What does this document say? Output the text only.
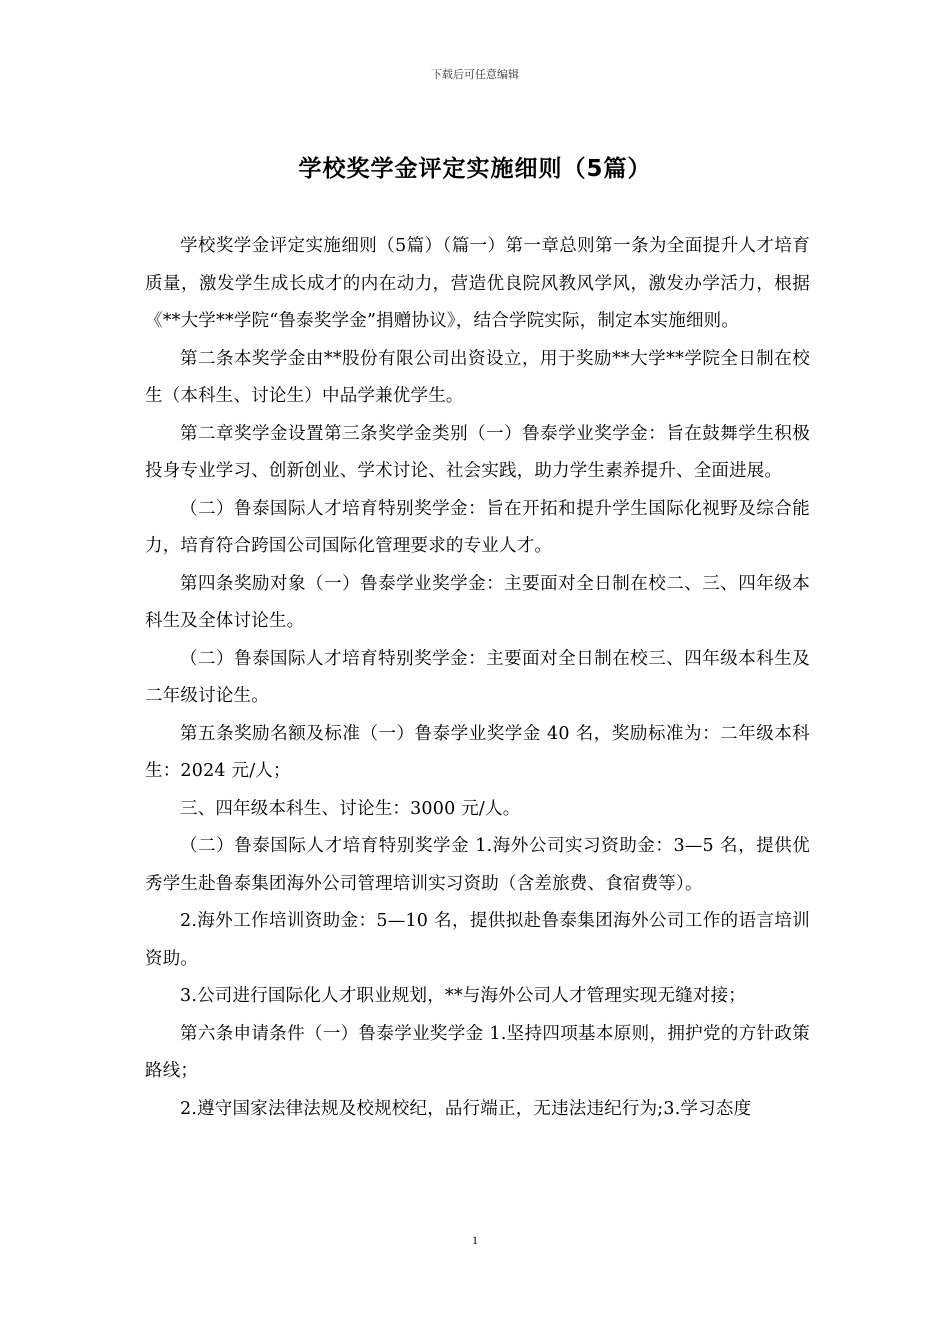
下载后可任意编辑
学校奖学金评定实施细则（5篇）

学校奖学金评定实施细则（5篇）（篇一）第一章总则第一条为全面提升人才培育质量，激发学生成长成才的内在动力，营造优良院风教风学风，激发办学活力，根据《**大学**学院“鲁泰奖学金”捐赠协议》，结合学院实际，制定本实施细则。

第二条本奖学金由**股份有限公司出资设立，用于奖励**大学**学院全日制在校生（本科生、讨论生）中品学兼优学生。

第二章奖学金设置第三条奖学金类别（一）鲁泰学业奖学金：旨在鼓舞学生积极投身专业学习、创新创业、学术讨论、社会实践，助力学生素养提升、全面进展。

（二）鲁泰国际人才培育特别奖学金：旨在开拓和提升学生国际化视野及综合能力，培育符合跨国公司国际化管理要求的专业人才。

第四条奖励对象（一）鲁泰学业奖学金：主要面对全日制在校二、三、四年级本科生及全体讨论生。

（二）鲁泰国际人才培育特别奖学金：主要面对全日制在校三、四年级本科生及二年级讨论生。

第五条奖励名额及标准（一）鲁泰学业奖学金 40 名，奖励标准为：二年级本科生：2024 元/人；

三、四年级本科生、讨论生：3000 元/人。

（二）鲁泰国际人才培育特别奖学金 1.海外公司实习资助金：3—5 名，提供优秀学生赴鲁泰集团海外公司管理培训实习资助（含差旅费、食宿费等）。

2.海外工作培训资助金：5—10 名，提供拟赴鲁泰集团海外公司工作的语言培训资助。

3.公司进行国际化人才职业规划，**与海外公司人才管理实现无缝对接；

第六条申请条件（一）鲁泰学业奖学金 1.坚持四项基本原则，拥护党的方针政策路线；

2.遵守国家法律法规及校规校纪，品行端正，无违法违纪行为;3.学习态度

1
